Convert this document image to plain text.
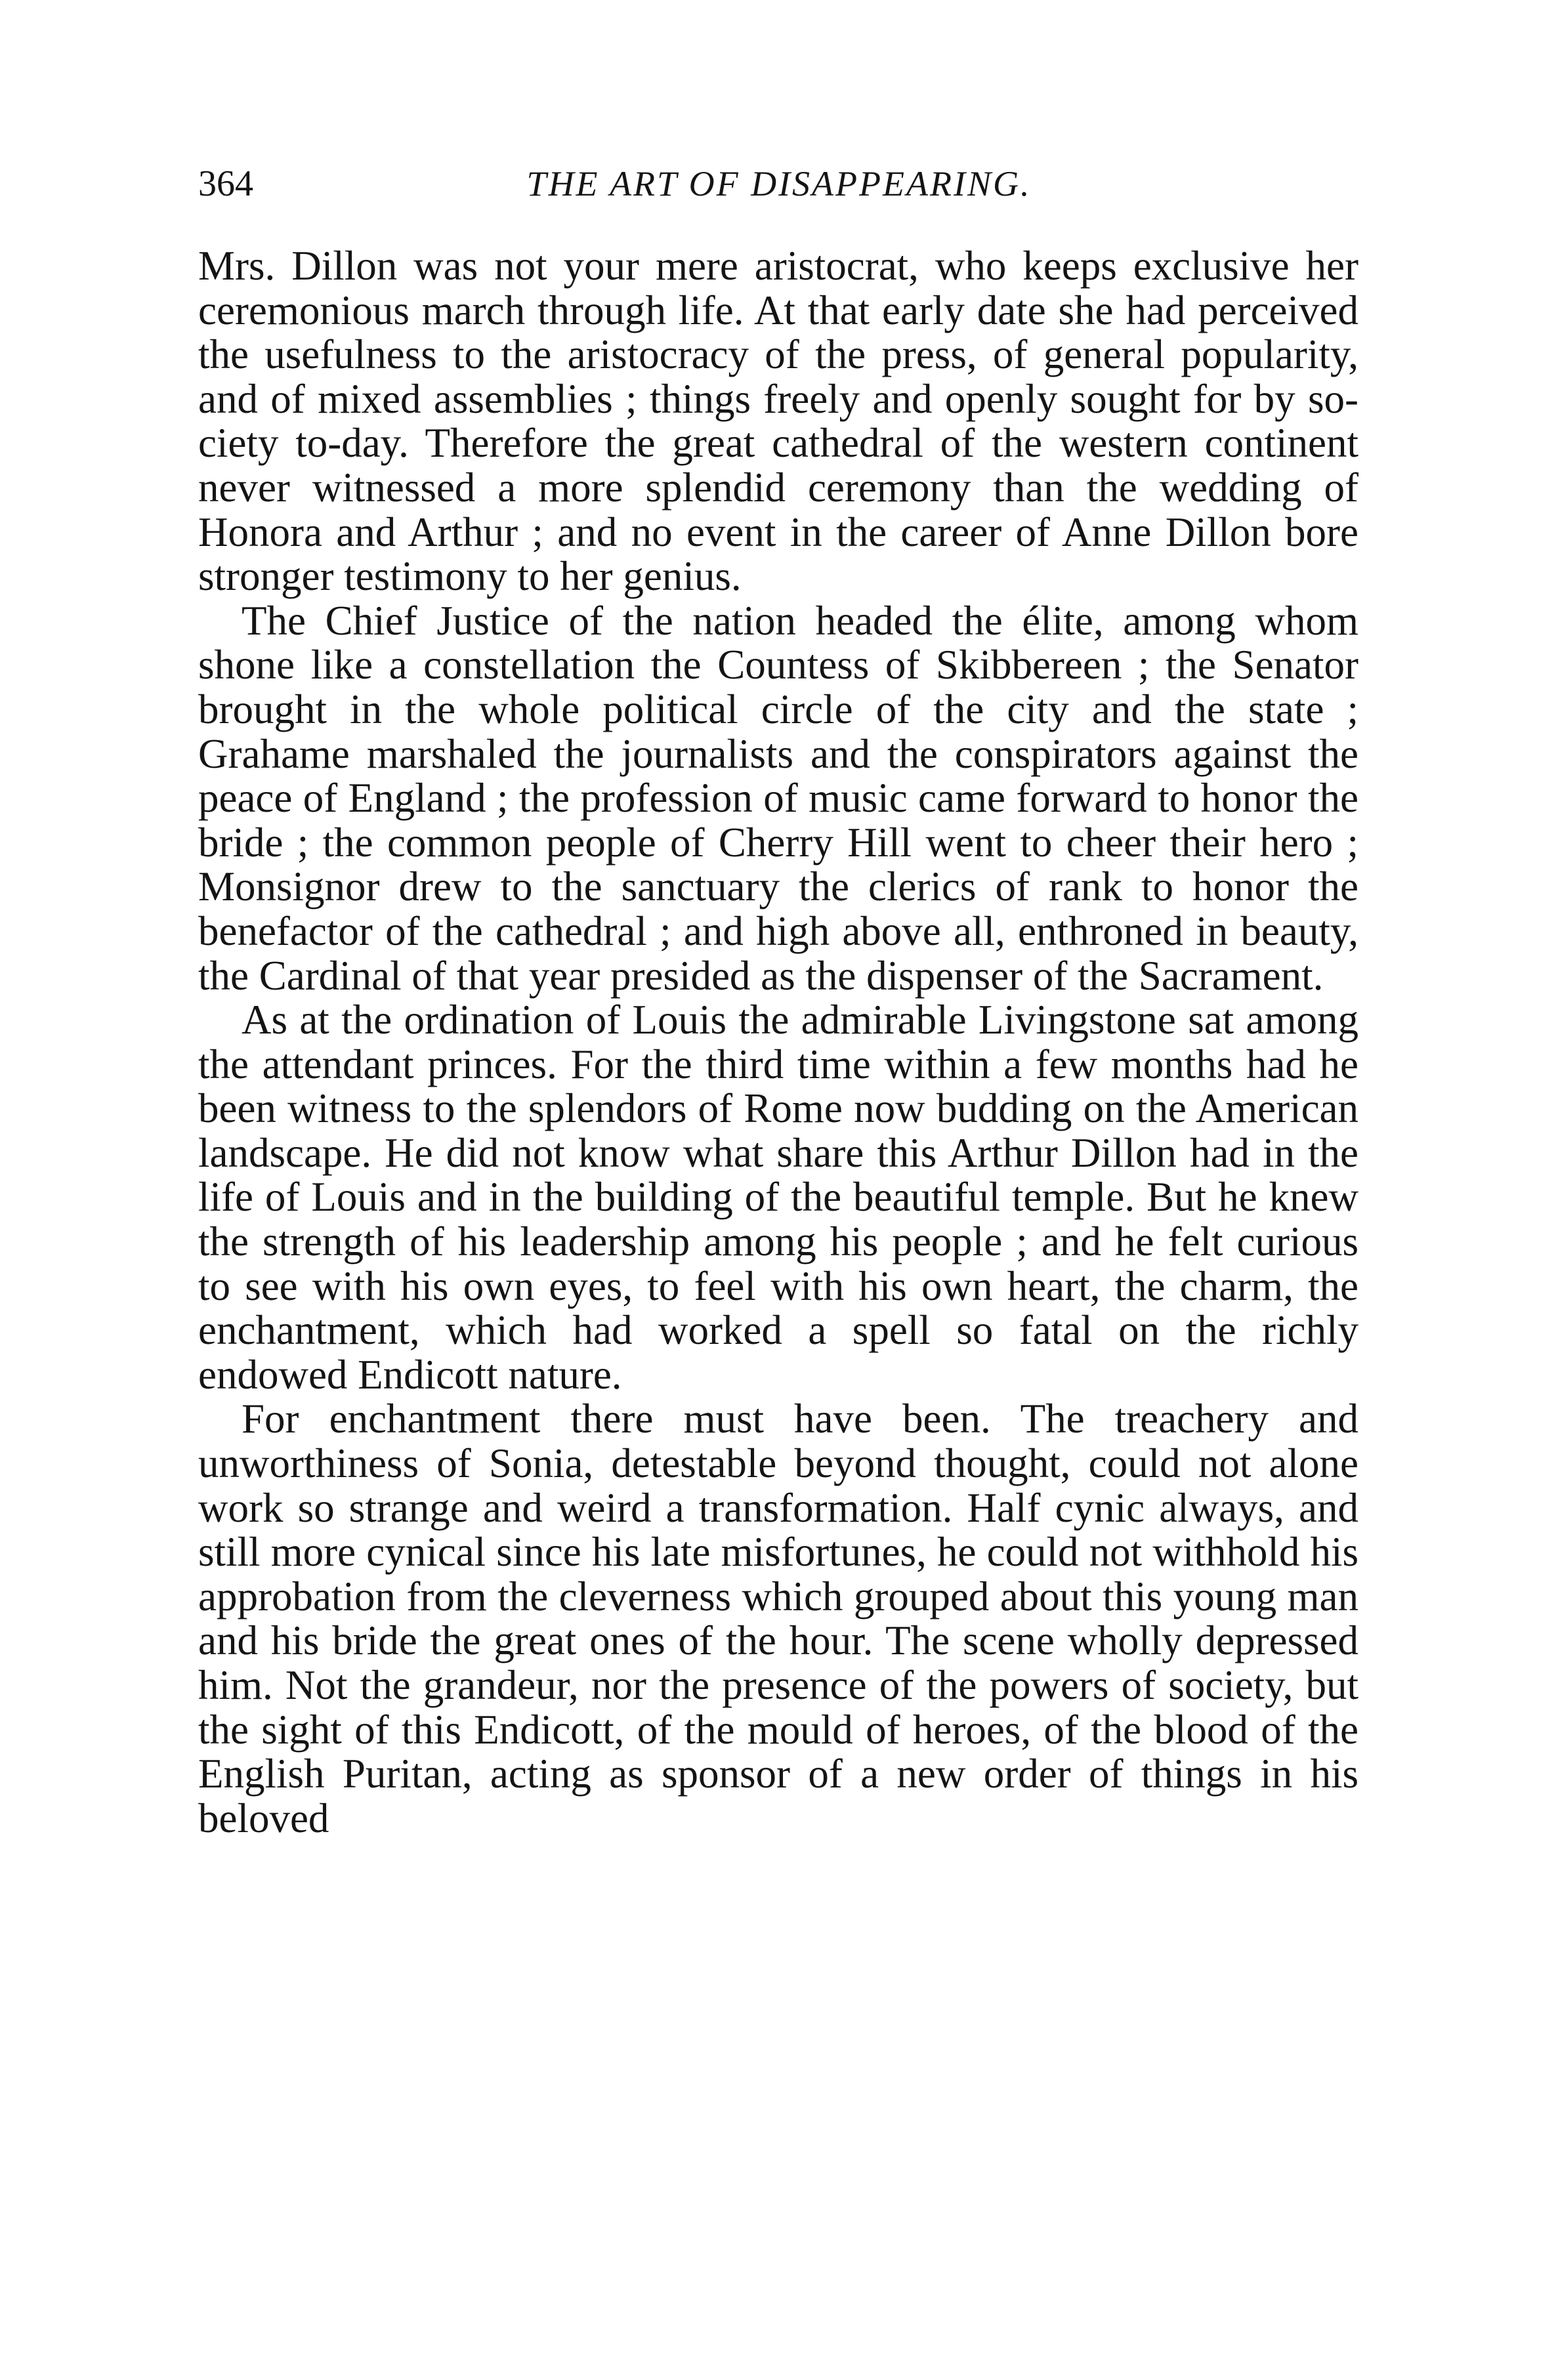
364	THE ART OF DISAPPEARING.

Mrs. Dillon was not your mere aristocrat, who keeps exclusive her ceremonious march through life. At that early date she had perceived the usefulness to the aristocracy of the press, of general popularity, and of mixed assemblies ; things freely and openly sought for by society to-day. Therefore the great cathedral of the western continent never witnessed a more splendid ceremony than the wedding of Honora and Arthur ; and no event in the career of Anne Dillon bore stronger testimony to her genius.

The Chief Justice of the nation headed the élite, among whom shone like a constellation the Countess of Skibbereen ; the Senator brought in the whole political circle of the city and the state ; Grahame marshaled the journalists and the conspirators against the peace of England ; the profession of music came forward to honor the bride ; the common people of Cherry Hill went to cheer their hero ; Monsignor drew to the sanctuary the clerics of rank to honor the benefactor of the cathedral ; and high above all, enthroned in beauty, the Cardinal of that year presided as the dispenser of the Sacrament.

As at the ordination of Louis the admirable Livingstone sat among the attendant princes. For the third time within a few months had he been witness to the splendors of Rome now budding on the American landscape. He did not know what share this Arthur Dillon had in the life of Louis and in the building of the beautiful temple. But he knew the strength of his leadership among his people ; and he felt curious to see with his own eyes, to feel with his own heart, the charm, the enchantment, which had worked a spell so fatal on the richly endowed Endicott nature.

For enchantment there must have been. The treachery and unworthiness of Sonia, detestable beyond thought, could not alone work so strange and weird a transformation. Half cynic always, and still more cynical since his late misfortunes, he could not withhold his approbation from the cleverness which grouped about this young man and his bride the great ones of the hour. The scene wholly depressed him. Not the grandeur, nor the presence of the powers of society, but the sight of this Endicott, of the mould of heroes, of the blood of the English Puritan, acting as sponsor of a new order of things in his beloved
